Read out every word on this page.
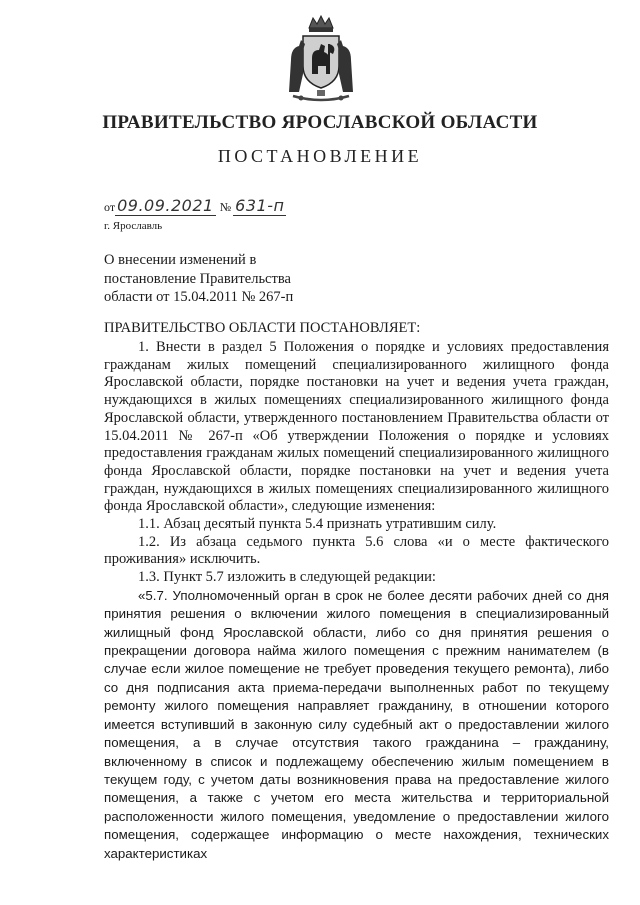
ПРАВИТЕЛЬСТВО ЯРОСЛАВСКОЙ ОБЛАСТИ
ПОСТАНОВЛЕНИЕ
от 09.09.2021 № 631-п
г. Ярославль
О внесении изменений в
постановление Правительства
области от 15.04.2011 № 267-п
ПРАВИТЕЛЬСТВО ОБЛАСТИ ПОСТАНОВЛЯЕТ:

1. Внести в раздел 5 Положения о порядке и условиях предоставления гражданам жилых помещений специализированного жилищного фонда Ярославской области, порядке постановки на учет и ведения учета граждан, нуждающихся в жилых помещениях специализированного жилищного фонда Ярославской области, утвержденного постановлением Правительства области от 15.04.2011 № 267-п «Об утверждении Положения о порядке и условиях предоставления гражданам жилых помещений специализированного жилищного фонда Ярославской области, порядке постановки на учет и ведения учета граждан, нуждающихся в жилых помещениях специализированного жилищного фонда Ярославской области», следующие изменения:

1.1. Абзац десятый пункта 5.4 признать утратившим силу.

1.2. Из абзаца седьмого пункта 5.6 слова «и о месте фактического проживания» исключить.

1.3. Пункт 5.7 изложить в следующей редакции:

«5.7. Уполномоченный орган в срок не более десяти рабочих дней со дня принятия решения о включении жилого помещения в специализированный жилищный фонд Ярославской области, либо со дня принятия решения о прекращении договора найма жилого помещения с прежним нанимателем (в случае если жилое помещение не требует проведения текущего ремонта), либо со дня подписания акта приема-передачи выполненных работ по текущему ремонту жилого помещения направляет гражданину, в отношении которого имеется вступивший в законную силу судебный акт о предоставлении жилого помещения, а в случае отсутствия такого гражданина – гражданину, включенному в список и подлежащему обеспечению жилым помещением в текущем году, с учетом даты возникновения права на предоставление жилого помещения, а также с учетом его места жительства и территориальной расположенности жилого помещения, уведомление о предоставлении жилого помещения, содержащее информацию о месте нахождения, технических характеристиках
